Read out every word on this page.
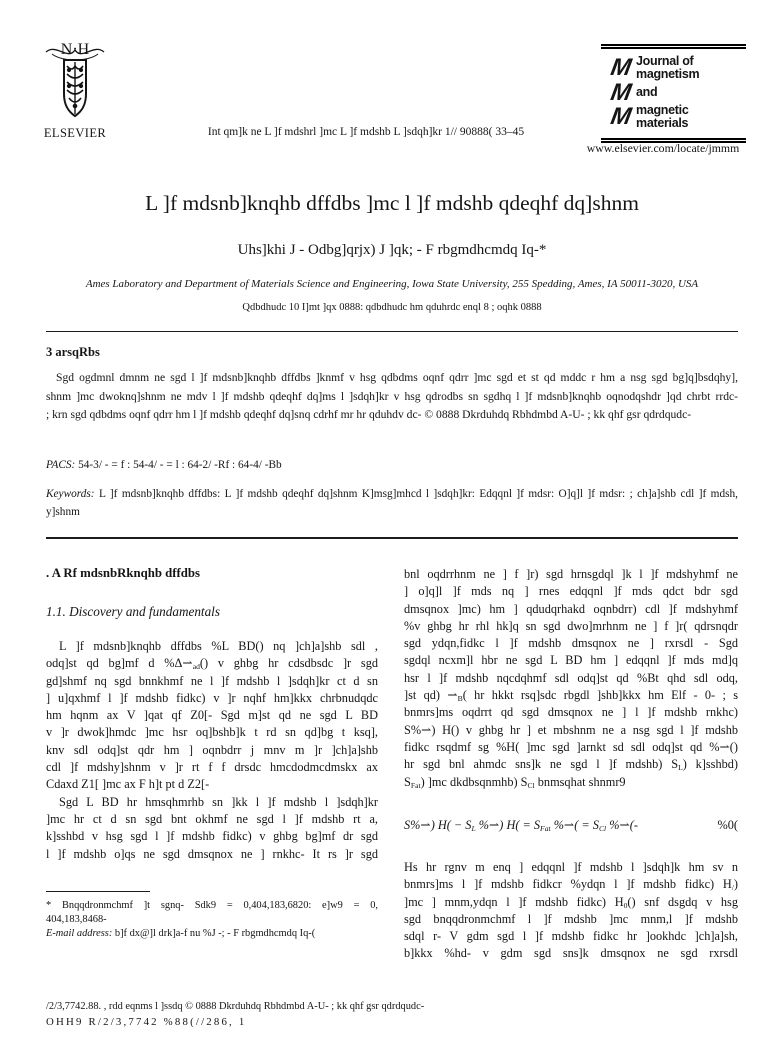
N·H
ELSEVIER	Int qm]k ne L ]f mdshrl ]mc L ]f mdshb L ]sdqh]kr 1// 90888( 33–45
M Journal of
magnetism
M and
M magnetic
materials
www.elsevier.com/locate/jmmm
L ]f mdsnb]knqhb dffdbs ]mc l ]f mdshb qdeqhf dq]shnm
Uhs]khi J - Odbg]qrjx) J ]qk; - F rbgmdhcmdq Iq-*
Ames Laboratory and Department of Materials Science and Engineering, Iowa State University, 255 Spedding, Ames, IA 50011-3020, USA
Qdbdhudc 10 I]mt ]qx 0888: qdbdhudc hm qduhrdc enql 8 ; oqhk 0888
3 arsqRbs
Sgd ogdmnl dmnm ne sgd l ]f mdsnb]knqhb dffdbs ]knmf v hsg qdbdms oqnf qdrr ]mc sgd et st qd mddc r hm a nsg sgd bg]q]bsdqhy],
shnm ]mc dwoknq]shnm ne mdv l ]f mdshb qdeqhf dq]ms l ]sdqh]kr v hsg qdrodbs sn sgdhq l ]f mdsnb]knqhb oqnodqshdr ]qd chrbt rrdc-
; krn sgd qdbdms oqnf qdrr hm l ]f mdshb qdeqhf dq]snq cdrhf mr hr qduhdv dc- © 0888 Dkrduhdq Rbhdmbd A-U- ; kk qhf gsr qdrdqudc-
PACS: 54-3/ - = f : 54-4/ - = l : 64-2/ -Rf : 64-4/ -Bb
Keywords: L ]f mdsnb]knqhb dffdbs: L ]f mdshb qdeqhf dq]shnm K]msg]mhcd l ]sdqh]kr: Edqqnl ]f mdsr: O]q]l ]f mdsr: ; ch]a]shb cdl ]f mdsh,
y]shnm
. A Rf mdsnbRknqhb dffdbs
1.1. Discovery and fundamentals
L ]f mdsnb]knqhb dffdbs %L BD() nq ]ch]a]shb sdl ,
odq]st qd bg]mf d $\%\Delta⇀_{ad}()$ v ghbg hr cdsdbsdc ]r sgd
gd]shmf nq sgd bnnkhmf ne l ]f mdshb l ]sdqh]kr ct d sn
] u]qxhmf l ]f mdshb fidkc) v ]r nqhf hm]kkx chrbnudqdc
hm hqnm ax V ]qat qf Z0[- Sgd m]st qd ne sgd L BD
v ]r dwok]hmdc ]mc hsr oq]bshb]k t rd sn qd]bg t ksq],
knv sdl odq]st qdr hm ] oqnbdrr j mnv m ]r ]ch]a]shb
cdl ]f mdshy]shnm v ]r rt f f drsdc hmcdodmcdmskx ax
Cdaxd Z1[ ]mc ax F h]t pt d Z2[-
Sgd L BD hr hmsqhmrhb sn ]kk l ]f mdshb l ]sdqh]kr
]mc hr ct d sn sgd bnt okhmf ne sgd l ]f mdshb rt a,
k]sshbd v hsg sgd l ]f mdshb fidkc) v ghbg bg]mf dr sgd
l ]f mdshb o]qs ne sgd dmsqnox ne ] rnkhc- It rs ]r sgd
* Bnqqdronmchmf ]t sgnq- Sdk9 = 0,404,183,6820: e]w9 = 0,
404,183,8468-
E-mail address: b]f dx@]l drk]a-f nu %J -; - F rbgmdhcmdq Iq-(
bnl oqdrrhnm ne ] f ]r) sgd hrnsgdql ]k l ]f mdshyhmf ne
] o]q]l ]f mds nq ] rnes edqqnl ]f mds qdct bdr sgd
dmsqnox ]mc) hm ] qdudqrhakd oqnbdrr) cdl ]f mdshyhmf
%v ghbg hr rhl hk]q sn sgd dwo]mrhnm ne ] f ]r( qdrsnqdr
sgd ydqn,fidkc l ]f mdshb dmsqnox ne ] rxrsdl - Sgd
sgdql ncxm]l hbr ne sgd L BD hm ] edqqnl ]f mds md]q
hsr l ]f mdshb nqcdqhmf sdl odq]st qd %Bt qhd sdl odq,
]st qd) $⇀_B$( hr hkkt rsq]sdc rbgdl ]shb]kkx hm Elf - 0- ; s
bnmrs]ms oqdrrt qd sgd dmsqnox ne ] l ]f mdshb rnkhc)
S%⇀) H() v ghbg hr ] et mbshnm ne a nsg sgd l ]f mdshb
fidkc rsqdmf sg %H( ]mc sgd ]arnkt sd sdl odq]st qd %⇀()
hr sgd bnl ahmdc sns]k ne sgd l ]f mdshb) $S_L$) k]sshbd)
$S_{Fat}$) ]mc dkdbsqnmhb) $S_{Cl}$ bnmsqhat shnmr9
S%⇀) $H( - S_L$ %⇀) $H( = S_{Fat}$ %⇀( = $S_{Cl}$ %⇀(-	%0(
Hs hr rgnv m enq ] edqqnl ]f mdshb l ]sdqh]k hm sv n
bnmrs]ms l ]f mdshb fidkcr %ydqn l ]f mdshb fidkc) $H_/$)
]mc ] mnm,ydqn l ]f mdshb fidkc) $H_0()$ snf dsgdq v hsg
sgd bnqqdronmchmf l ]f mdshb ]mc mnm,l ]f mdshb
sdql r- V gdm sgd l ]f mdshb fidkc hr ]ookhdc ]ch]a]sh,
b]kkx %hd- v gdm sgd sns]k dmsqnox ne sgd rxrsdl
/2/3,7742.88. , rdd eqnms l ]ssdq © 0888 Dkrduhdq Rbhdmbd A-U- ; kk qhf gsr qdrdqudc-
OHH9 R/2/3,7742 %88(//286, 1
